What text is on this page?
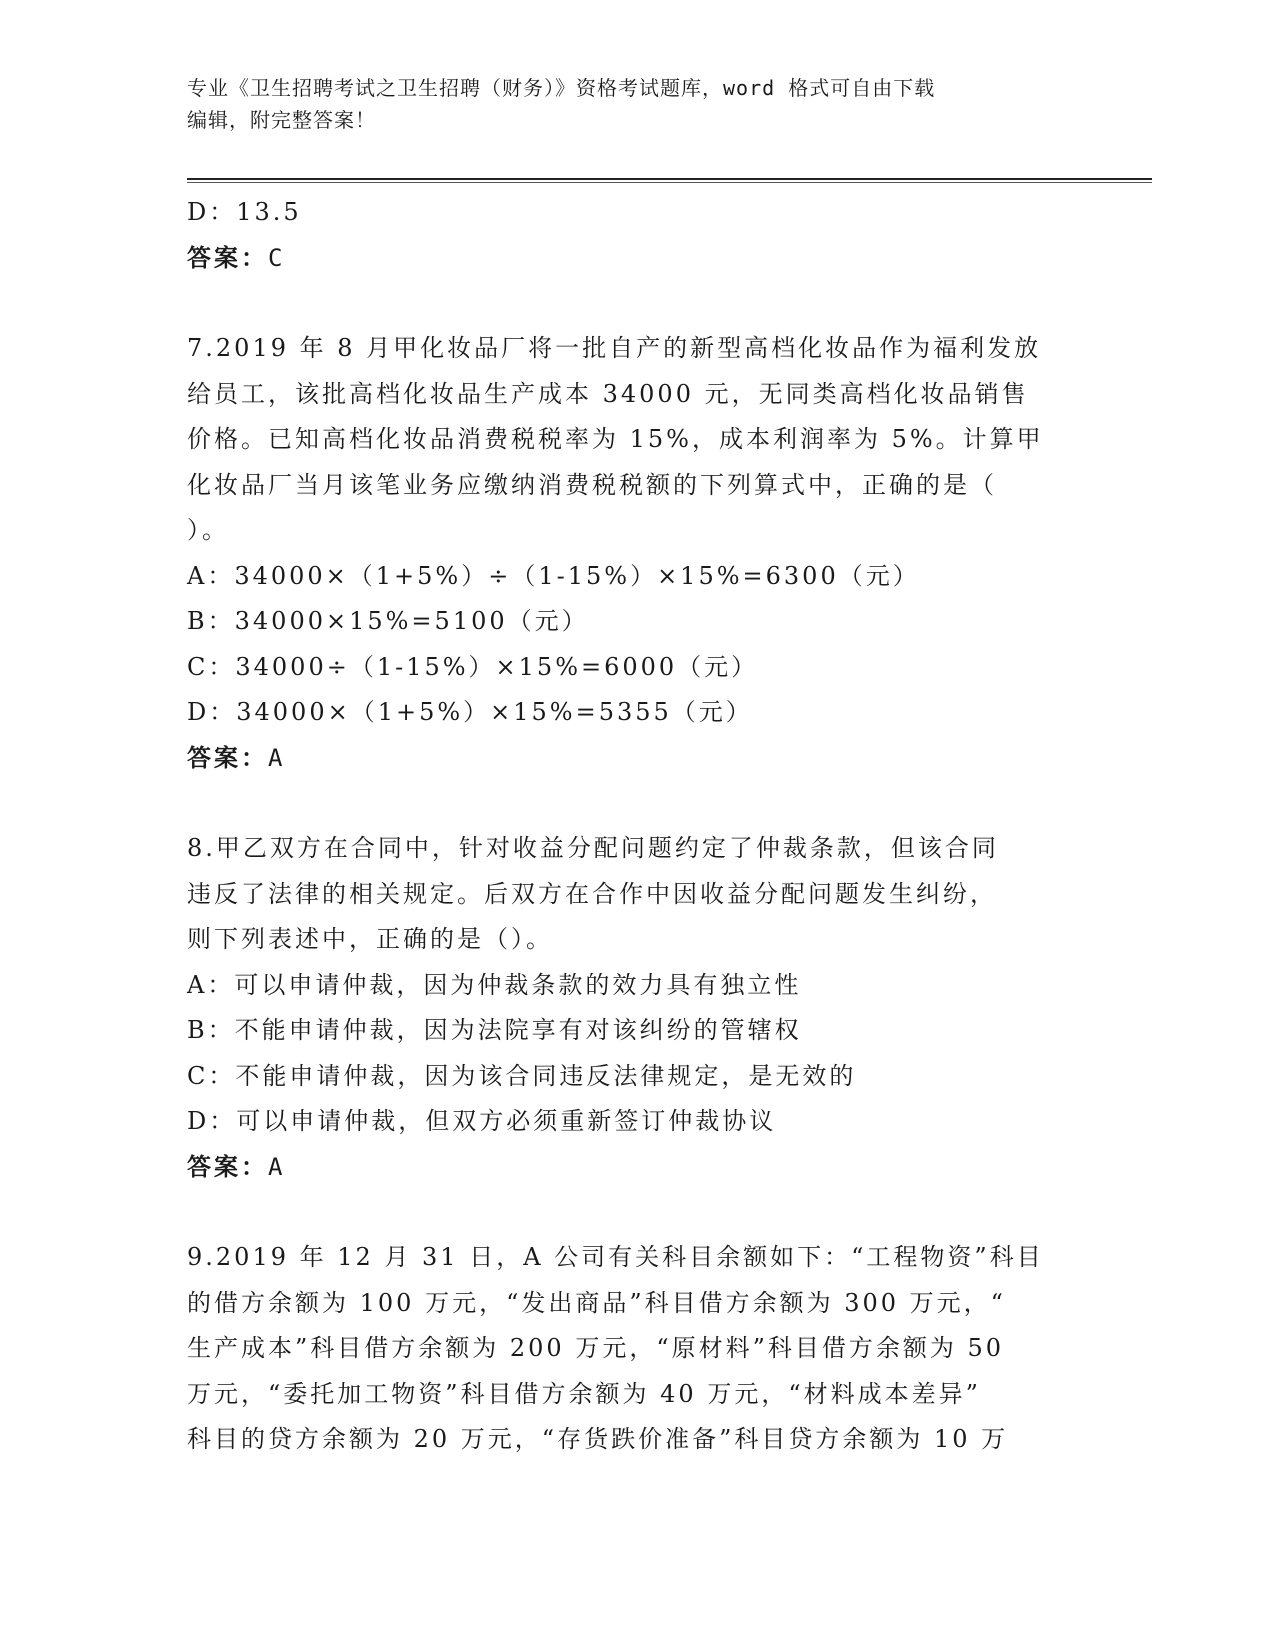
专业《卫生招聘考试之卫生招聘（财务）》资格考试题库，word 格式可自由下载
编辑，附完整答案！
D：13.5
答案：C
7.2019 年 8 月甲化妆品厂将一批自产的新型高档化妆品作为福利发放
给员工，该批高档化妆品生产成本 34000 元，无同类高档化妆品销售
价格。已知高档化妆品消费税税率为 15%，成本利润率为 5%。计算甲
化妆品厂当月该笔业务应缴纳消费税税额的下列算式中，正确的是（
）。
A：34000×（1+5%）÷（1-15%）×15%=6300（元）
B：34000×15%=5100（元）
C：34000÷（1-15%）×15%=6000（元）
D：34000×（1+5%）×15%=5355（元）
答案：A
8.甲乙双方在合同中，针对收益分配问题约定了仲裁条款，但该合同
违反了法律的相关规定。后双方在合作中因收益分配问题发生纠纷，
则下列表述中，正确的是（）。
A：可以申请仲裁，因为仲裁条款的效力具有独立性
B：不能申请仲裁，因为法院享有对该纠纷的管辖权
C：不能申请仲裁，因为该合同违反法律规定，是无效的
D：可以申请仲裁，但双方必须重新签订仲裁协议
答案：A
9.2019 年 12 月 31 日，A 公司有关科目余额如下：“工程物资”科目
的借方余额为 100 万元，“发出商品”科目借方余额为 300 万元，“
生产成本”科目借方余额为 200 万元，“原材料”科目借方余额为 50
万元，“委托加工物资”科目借方余额为 40 万元，“材料成本差异”
科目的贷方余额为 20 万元，“存货跌价准备”科目贷方余额为 10 万
